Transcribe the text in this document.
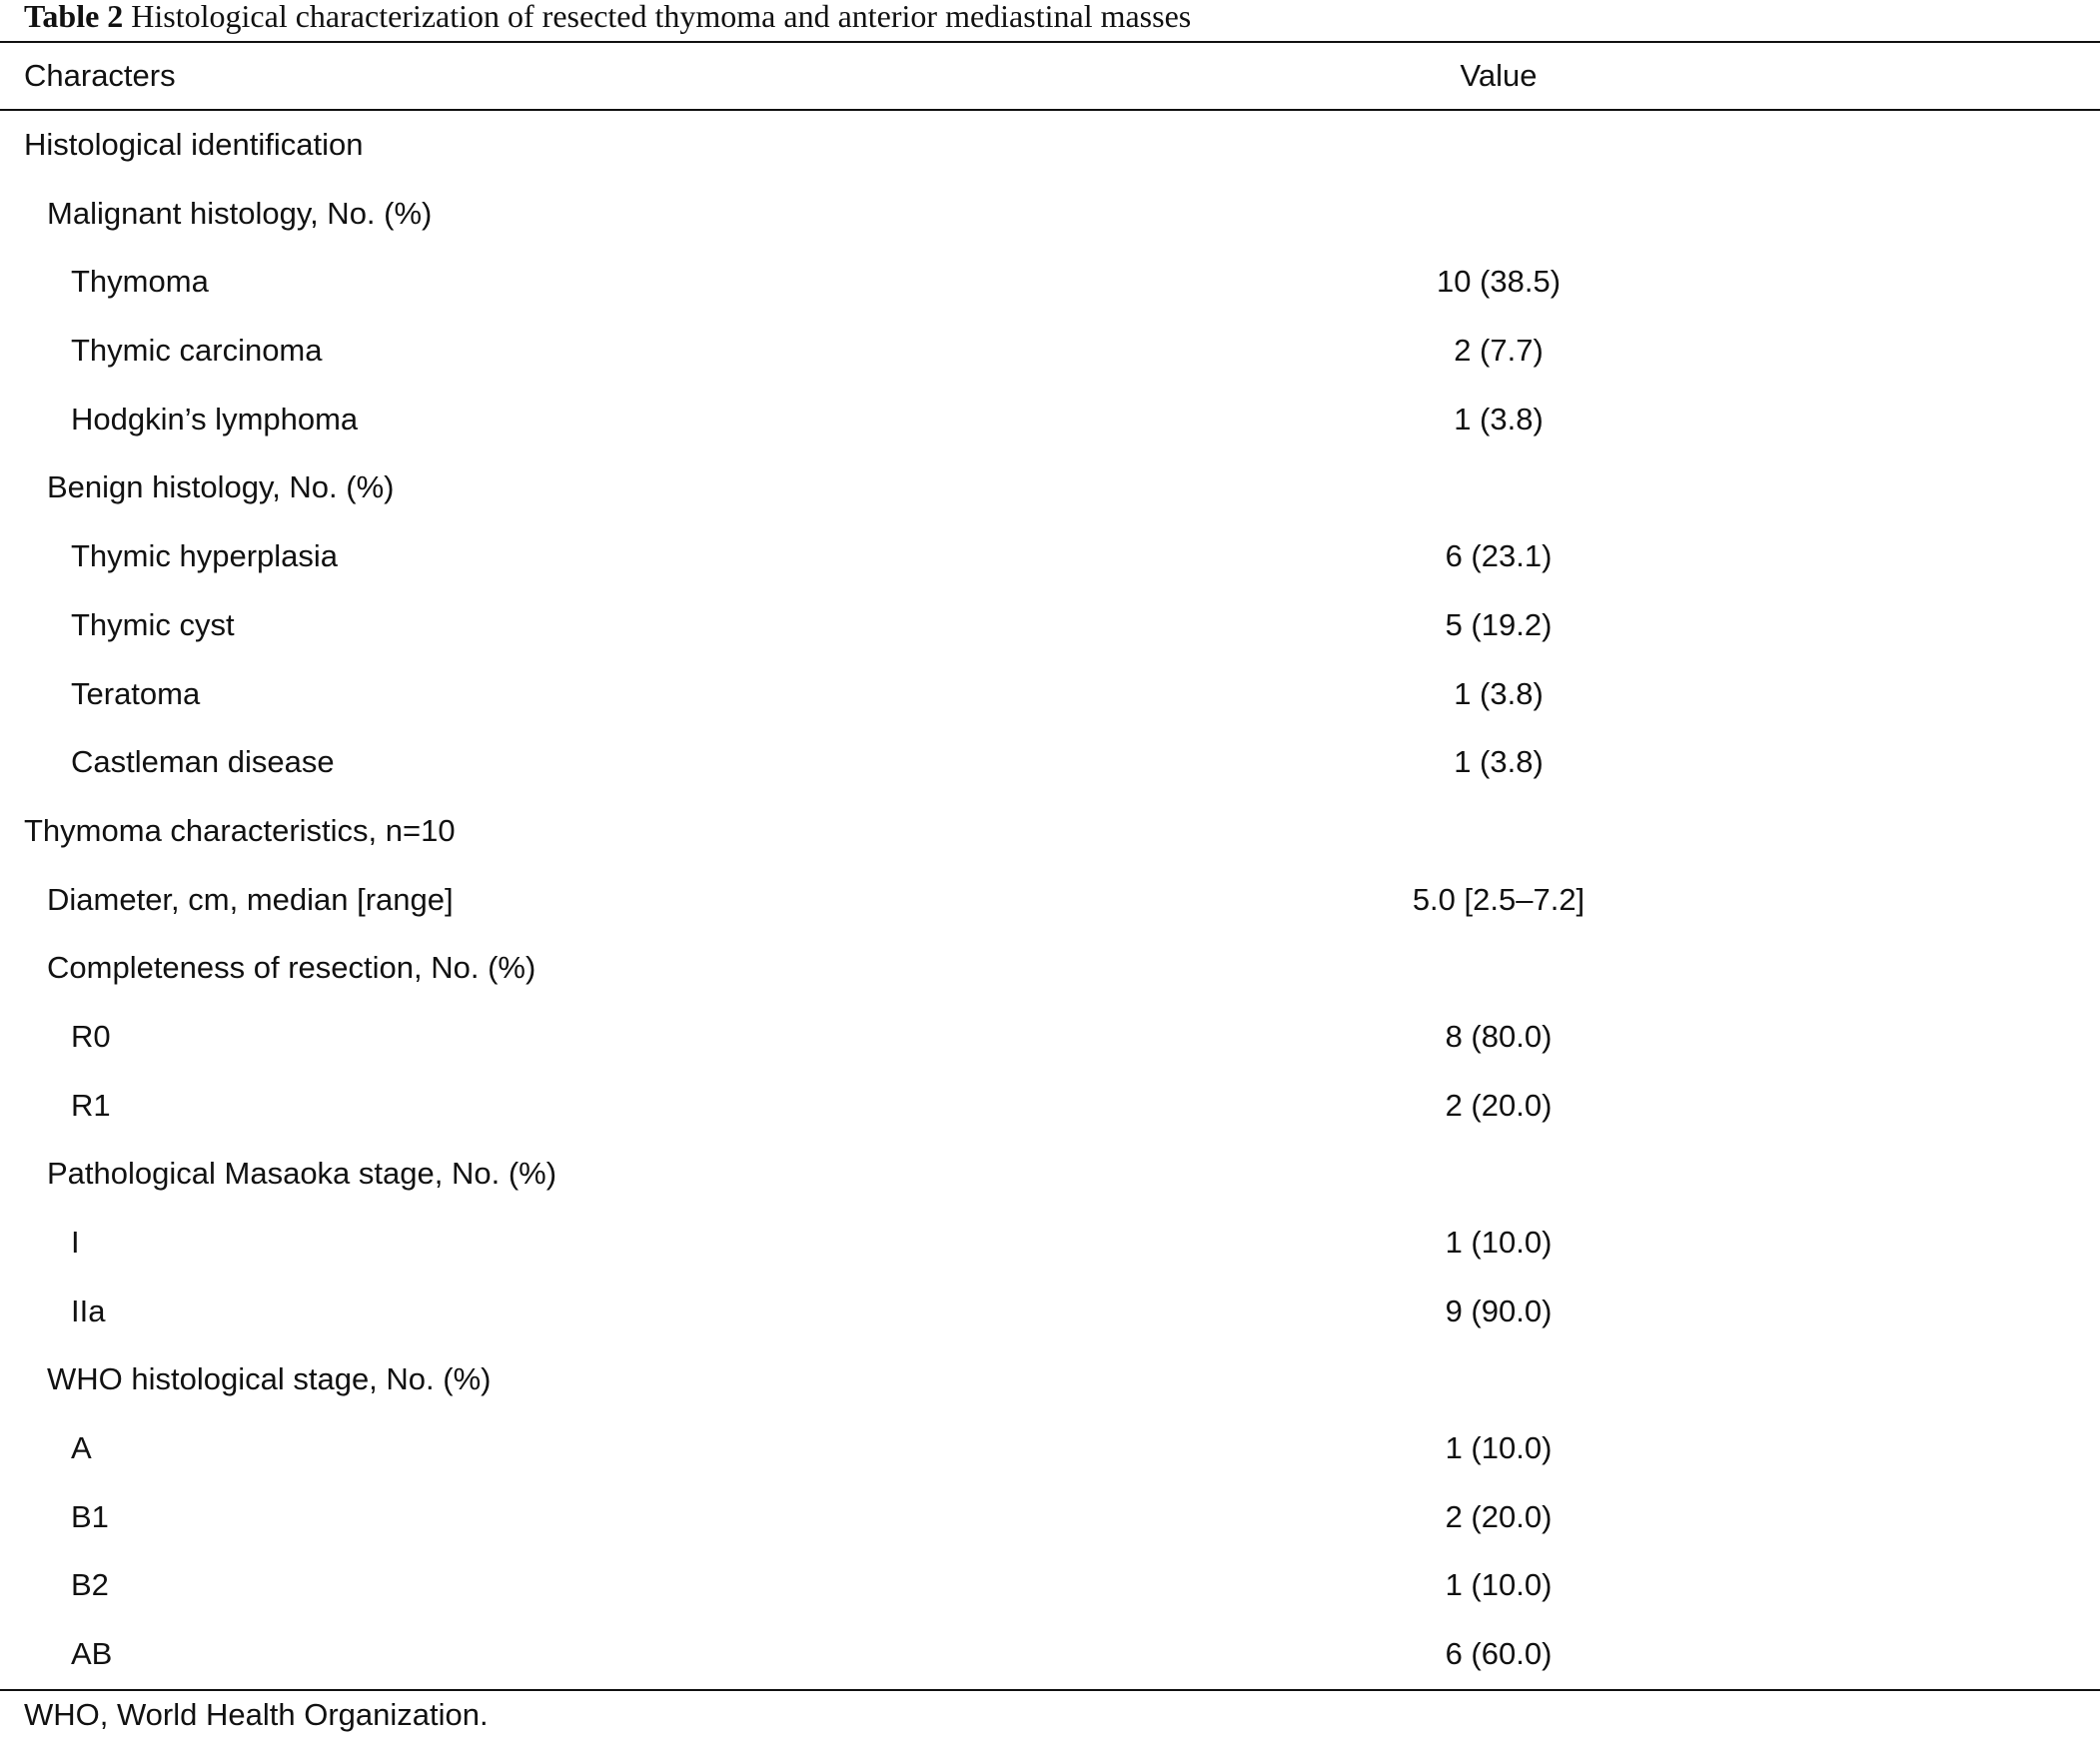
Table 2 Histological characterization of resected thymoma and anterior mediastinal masses
Characters	Value
Histological identification
Malignant histology, No. (%)
Thymoma	10 (38.5)
Thymic carcinoma	2 (7.7)
Hodgkin’s lymphoma	1 (3.8)
Benign histology, No. (%)
Thymic hyperplasia	6 (23.1)
Thymic cyst	5 (19.2)
Teratoma	1 (3.8)
Castleman disease	1 (3.8)
Thymoma characteristics, n=10
Diameter, cm, median [range]	5.0 [2.5–7.2]
Completeness of resection, No. (%)
R0	8 (80.0)
R1	2 (20.0)
Pathological Masaoka stage, No. (%)
I	1 (10.0)
IIa	9 (90.0)
WHO histological stage, No. (%)
A	1 (10.0)
B1	2 (20.0)
B2	1 (10.0)
AB	6 (60.0)
WHO, World Health Organization.
